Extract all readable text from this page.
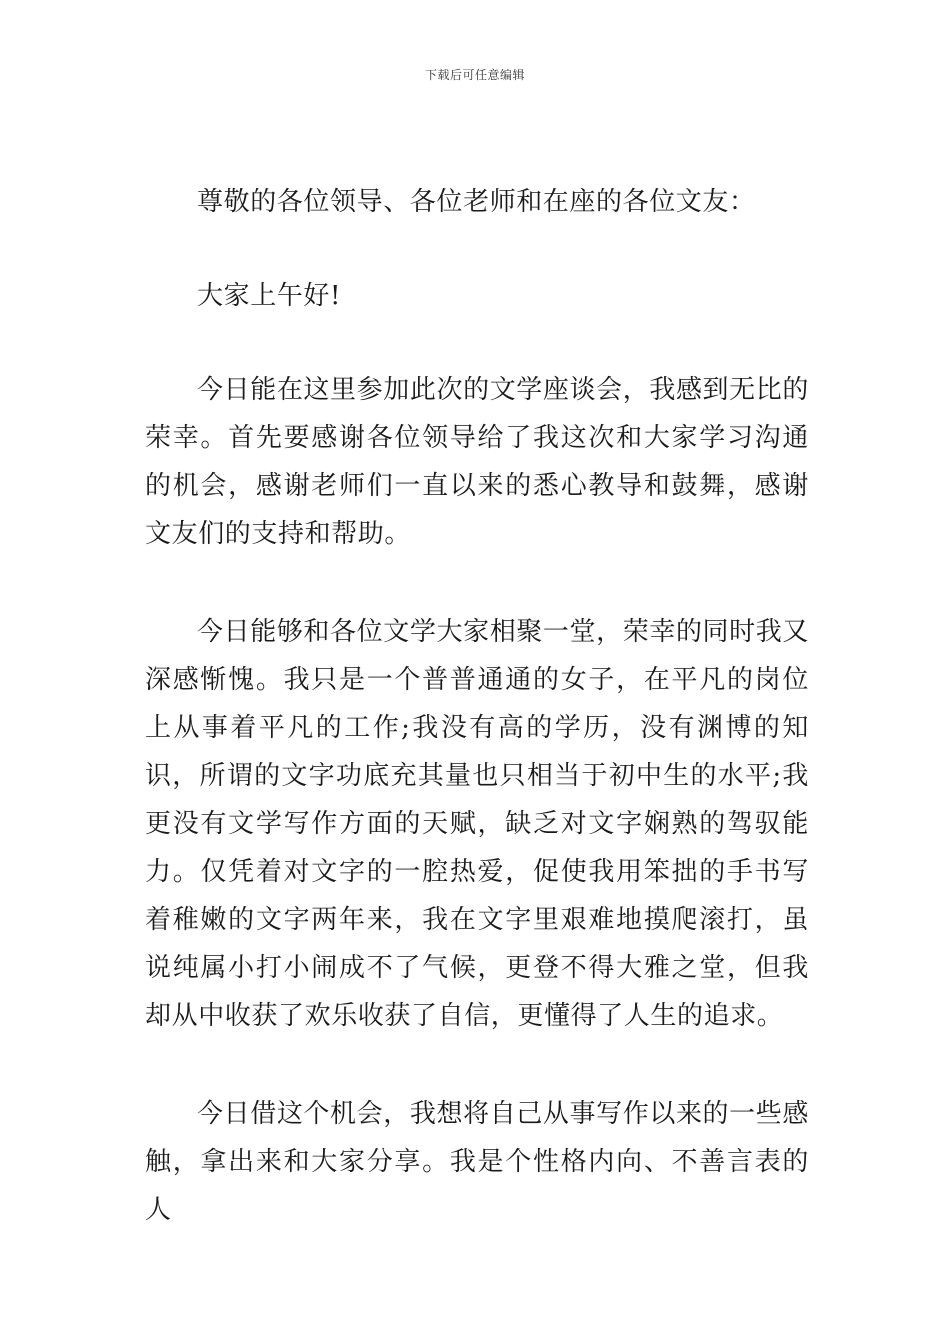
下载后可任意编辑

尊敬的各位领导、各位老师和在座的各位文友：

大家上午好!

今日能在这里参加此次的文学座谈会，我感到无比的荣幸。首先要感谢各位领导给了我这次和大家学习沟通的机会，感谢老师们一直以来的悉心教导和鼓舞，感谢文友们的支持和帮助。

今日能够和各位文学大家相聚一堂，荣幸的同时我又深感惭愧。我只是一个普普通通的女子，在平凡的岗位上从事着平凡的工作;我没有高的学历，没有渊博的知识，所谓的文字功底充其量也只相当于初中生的水平;我更没有文学写作方面的天赋，缺乏对文字娴熟的驾驭能力。仅凭着对文字的一腔热爱，促使我用笨拙的手书写着稚嫩的文字两年来，我在文字里艰难地摸爬滚打，虽说纯属小打小闹成不了气候，更登不得大雅之堂，但我却从中收获了欢乐收获了自信，更懂得了人生的追求。

今日借这个机会，我想将自己从事写作以来的一些感触，拿出来和大家分享。我是个性格内向、不善言表的人
